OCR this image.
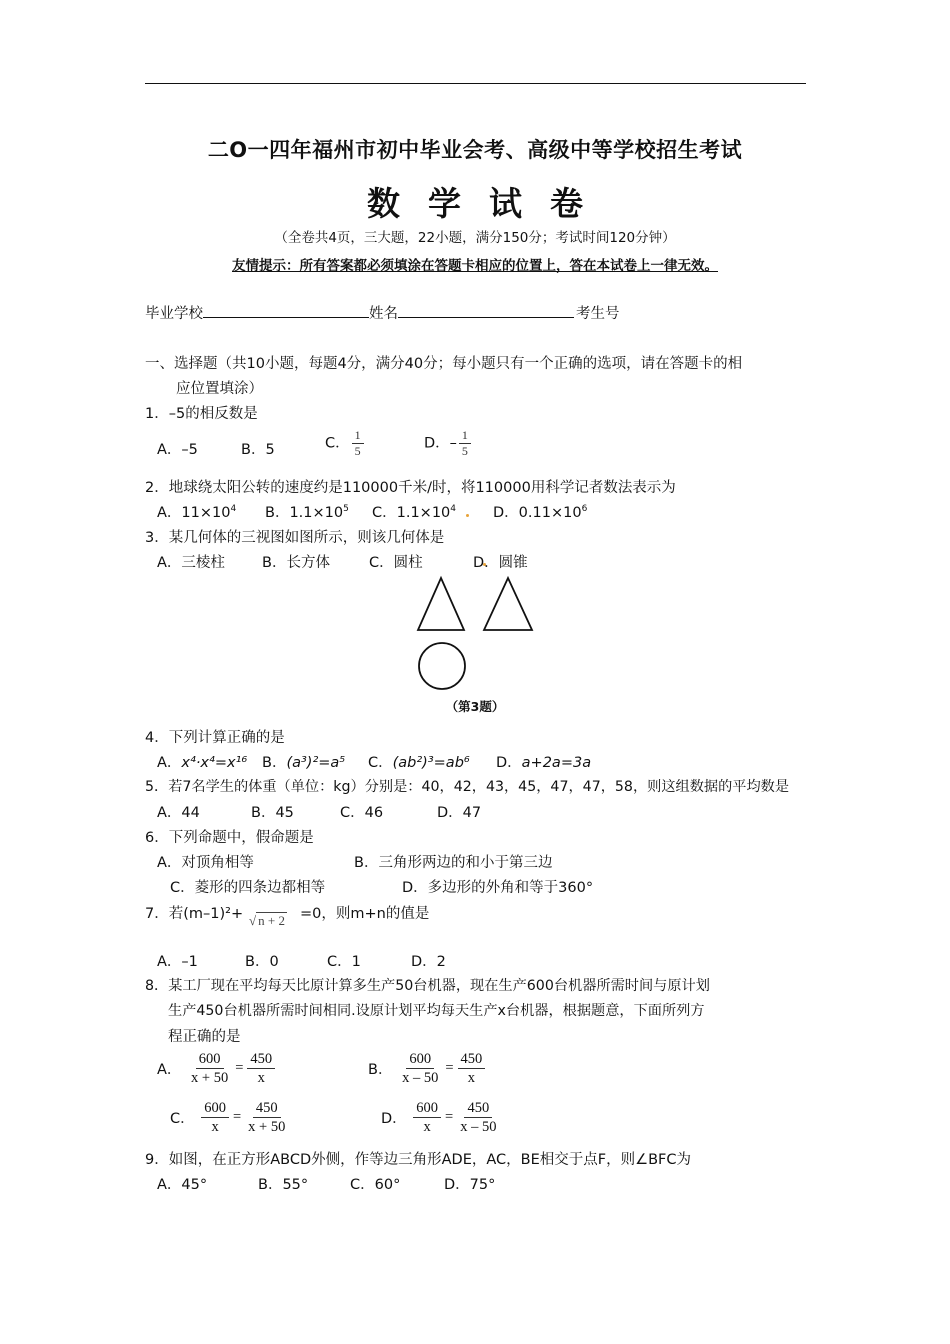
二O一四年福州市初中毕业会考、高级中等学校招生考试
数学试卷
（全卷共4页，三大题，22小题，满分150分；考试时间120分钟）
友情提示：所有答案都必须填涂在答题卡相应的位置上，答在本试卷上一律无效。
毕业学校	姓名	考生号
一、选择题（共10小题，每题4分，满分40分；每小题只有一个正确的选项，请在答题卡的相
应位置填涂）
1．–5的相反数是
A．–5	B．5	C． $\frac{1}{5}$	D．– $\frac{1}{5}$
2．地球绕太阳公转的速度约是110000千米/时，将110000用科学记者数法表示为
A．$11\times 10^4$ B．$1.1\times 10^5$ C．$1.1\times 10^4$	D．$0.11\times 10^6$
3．某几何体的三视图如图所示，则该几何体是
A．三棱柱	B．长方体	C．圆柱	D．圆锥
（第3题）
4．下列计算正确的是
A．x⁴·x⁴=x¹⁶ B．(a³)²=a⁵ C．(ab²)³=ab⁶ D．a+2a=3a
5．若7名学生的体重（单位：kg）分别是：40，42，43，45，47，47，58，则这组数据的平均数是
A．44	B．45	C．46	D．47
6．下列命题中，假命题是
A．对顶角相等	B．三角形两边的和小于第三边
C．菱形的四条边都相等	D．多边形的外角和等于360°
7．若(m–1)²+ √ n + 2 =0，则m+n的值是
A．–1	B．0	C．1	D．2
8．某工厂现在平均每天比原计算多生产50台机器，现在生产600台机器所需时间与原计划
生产450台机器所需时间相同.设原计划平均每天生产x台机器，根据题意，下面所列方
程正确的是
A． $\frac{600}{x + 50} = \frac{450}{x}$	B． $\frac{600}{x - 50} = \frac{450}{x}$
C． $\frac{600}{x} = \frac{450}{x + 50}$	D． $\frac{600}{x} = \frac{450}{x - 50}$
9．如图，在正方形ABCD外侧，作等边三角形ADE，AC，BE相交于点F，则∠BFC为
A．45°	B．55°	C．60°	D．75°
